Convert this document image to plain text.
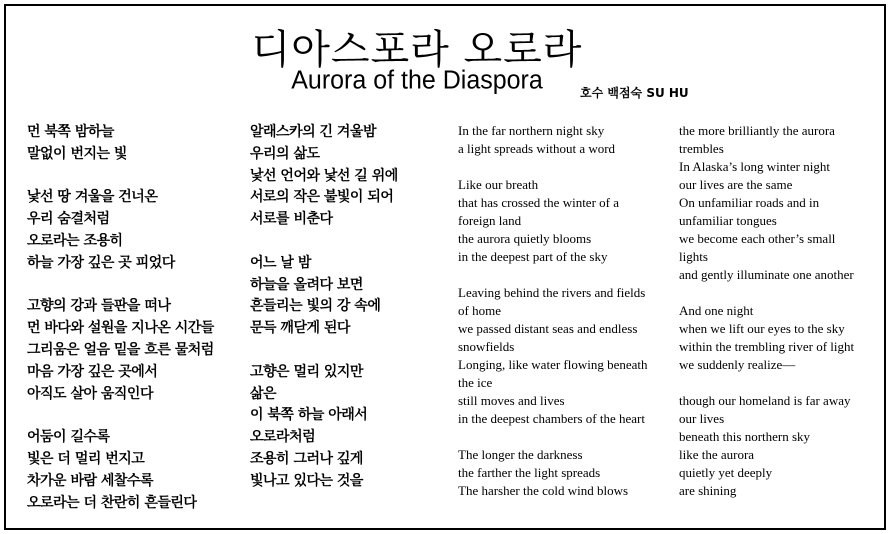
디아스포라 오로라
Aurora of the Diaspora	호수 백점숙 SU HU
먼 북쪽 밤하늘
말없이 번지는 빛
낯선 땅 겨울을 건너온
우리 숨결처럼
오로라는 조용히
하늘 가장 깊은 곳 피었다
고향의 강과 들판을 떠나
먼 바다와 설원을 지나온 시간들
그리움은 얼음 밑을 흐른 물처럼
마음 가장 깊은 곳에서
아직도 살아 움직인다
어둠이 길수록
빛은 더 멀리 번지고
차가운 바람 세찰수록
오로라는 더 찬란히 흔들린다
알래스카의 긴 겨울밤
우리의 삶도
낯선 언어와 낯선 길 위에
서로의 작은 불빛이 되어
서로를 비춘다
어느 날 밤
하늘을 올려다 보면
흔들리는 빛의 강 속에
문득 깨닫게 된다
고향은 멀리 있지만
삶은
이 북쪽 하늘 아래서
오로라처럼
조용히 그러나 깊게
빛나고 있다는 것을
In the far northern night sky
a light spreads without a word
Like our breath
that has crossed the winter of a
foreign land
the aurora quietly blooms
in the deepest part of the sky
Leaving behind the rivers and fields
of home
we passed distant seas and endless
snowfields
Longing, like water flowing beneath
the ice
still moves and lives
in the deepest chambers of the heart
The longer the darkness
the farther the light spreads
The harsher the cold wind blows
the more brilliantly the aurora
trembles
In Alaska’s long winter night
our lives are the same
On unfamiliar roads and in
unfamiliar tongues
we become each other’s small
lights
and gently illuminate one another
And one night
when we lift our eyes to the sky
within the trembling river of light
we suddenly realize—
though our homeland is far away
our lives
beneath this northern sky
like the aurora
quietly yet deeply
are shining
